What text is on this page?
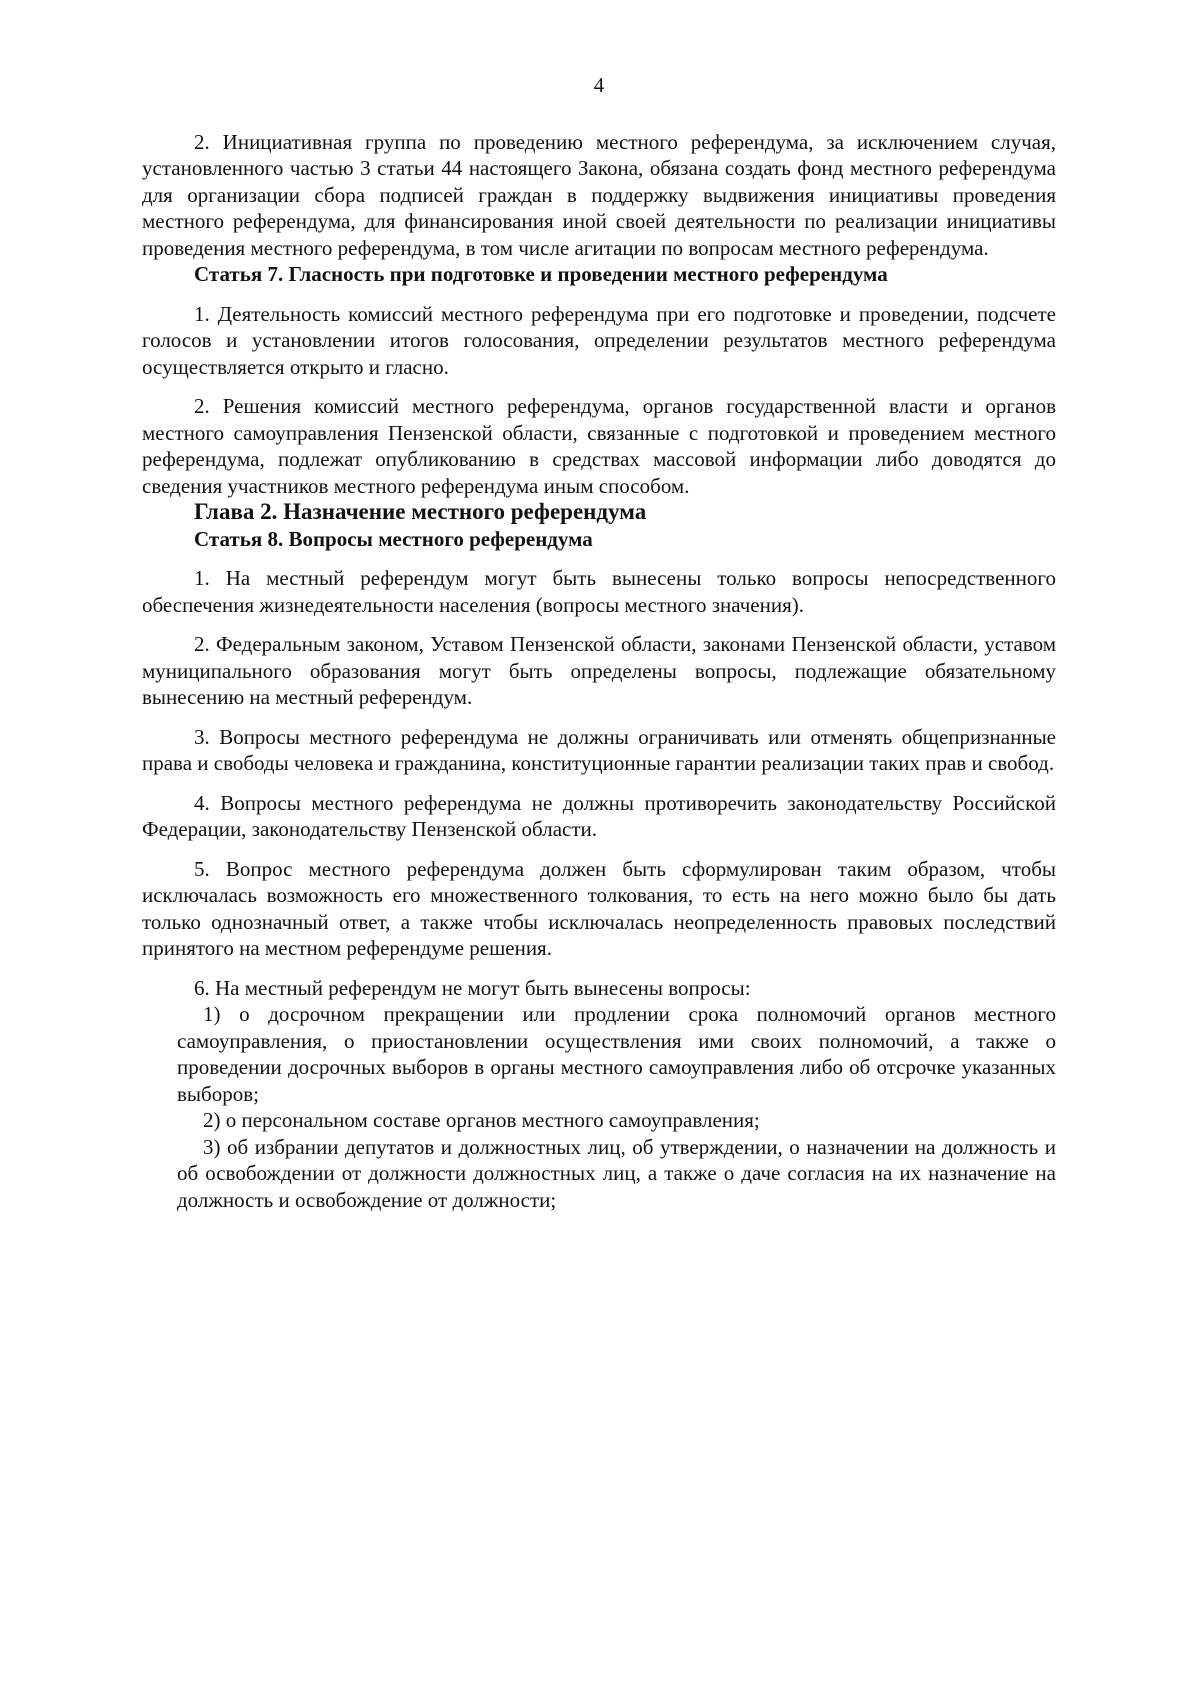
4

2. Инициативная группа по проведению местного референдума, за исключением случая, установленного частью 3 статьи 44 настоящего Закона, обязана создать фонд местного референдума для организации сбора подписей граждан в поддержку выдвижения инициативы проведения местного референдума, для финансирования иной своей деятельности по реализации инициативы проведения местного референдума, в том числе агитации по вопросам местного референдума.

Статья 7. Гласность при подготовке и проведении местного референдума

1. Деятельность комиссий местного референдума при его подготовке и проведении, подсчете голосов и установлении итогов голосования, определении результатов местного референдума осуществляется открыто и гласно.

2. Решения комиссий местного референдума, органов государственной власти и органов местного самоуправления Пензенской области, связанные с подготовкой и проведением местного референдума, подлежат опубликованию в средствах массовой информации либо доводятся до сведения участников местного референдума иным способом.

Глава 2. Назначение местного референдума
Статья 8. Вопросы местного референдума

1. На местный референдум могут быть вынесены только вопросы непосредственного обеспечения жизнедеятельности населения (вопросы местного значения).

2. Федеральным законом, Уставом Пензенской области, законами Пензенской области, уставом муниципального образования могут быть определены вопросы, подлежащие обязательному вынесению на местный референдум.

3. Вопросы местного референдума не должны ограничивать или отменять общепризнанные права и свободы человека и гражданина, конституционные гарантии реализации таких прав и свобод.

4. Вопросы местного референдума не должны противоречить законодательству Российской Федерации, законодательству Пензенской области.

5. Вопрос местного референдума должен быть сформулирован таким образом, чтобы исключалась возможность его множественного толкования, то есть на него можно было бы дать только однозначный ответ, а также чтобы исключалась неопределенность правовых последствий принятого на местном референдуме решения.

6. На местный референдум не могут быть вынесены вопросы:

1) о досрочном прекращении или продлении срока полномочий органов местного самоуправления, о приостановлении осуществления ими своих полномочий, а также о проведении досрочных выборов в органы местного самоуправления либо об отсрочке указанных выборов;
2) о персональном составе органов местного самоуправления;
3) об избрании депутатов и должностных лиц, об утверждении, о назначении на должность и об освобождении от должности должностных лиц, а также о даче согласия на их назначение на должность и освобождение от должности;
